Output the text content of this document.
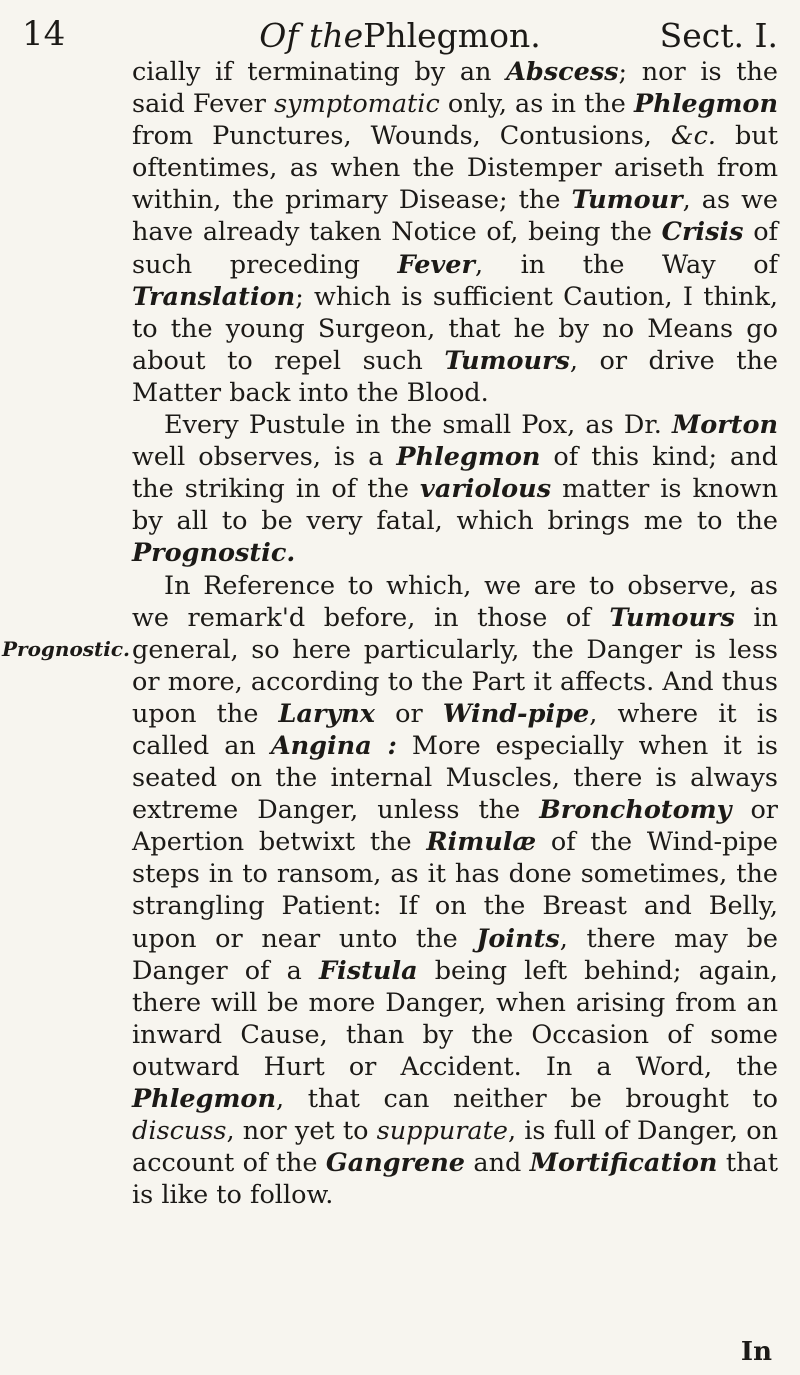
14	Of thePhlegmon.	Sect. I.
Prognostic.

cially if terminating by an Abscess; nor is the said Fever symptomatic only, as in the Phlegmon from Punctures, Wounds, Contusions, &c. but oftentimes, as when the Distemper ariseth from within, the primary Disease; the Tumour, as we have already taken Notice of, being the Crisis of such preceding Fever, in the Way of Translation; which is sufficient Caution, I think, to the young Surgeon, that he by no Means go about to repel such Tumours, or drive the Matter back into the Blood.

Every Pustule in the small Pox, as Dr. Morton well observes, is a Phlegmon of this kind; and the striking in of the variolous matter is known by all to be very fatal, which brings me to the Prognostic.

In Reference to which, we are to observe, as we remark'd before, in those of Tumours in general, so here particularly, the Danger is less or more, according to the Part it affects. And thus upon the Larynx or Wind-pipe, where it is called an Angina : More especially when it is seated on the internal Muscles, there is always extreme Danger, unless the Bronchotomy or Apertion betwixt the Rimulæ of the Wind-pipe steps in to ransom, as it has done sometimes, the strangling Patient: If on the Breast and Belly, upon or near unto the Joints, there may be Danger of a Fistula being left behind; again, there will be more Danger, when arising from an inward Cause, than by the Occasion of some outward Hurt or Accident. In a Word, the Phlegmon, that can neither be brought to discuss, nor yet to suppurate, is full of Danger, on account of the Gangrene and Mortification that is like to follow.

In
